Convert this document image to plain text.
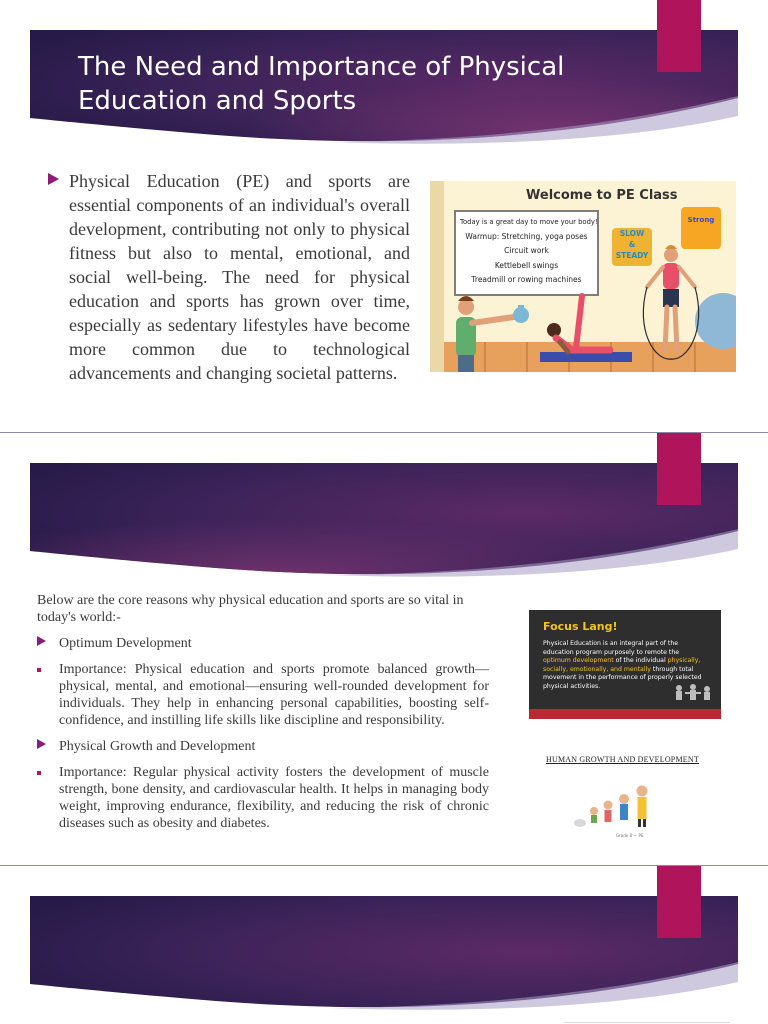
The Need and Importance of Physical Education and Sports

Physical Education (PE) and sports are essential components of an individual's overall development, contributing not only to physical fitness but also to mental, emotional, and social well-being. The need for physical education and sports has grown over time, especially as sedentary lifestyles have become more common due to technological advancements and changing societal patterns.

Welcome to PE Class
Today is a great day to move your body!
Warmup: Stretching, yoga poses
Circuit work
Kettlebell swings
Treadmill or rowing machines
SLOW
&
STEADY
Strong

Below are the core reasons why physical education and sports are so vital in today's world:-

Optimum Development

Importance: Physical education and sports promote balanced growth—physical, mental, and emotional—ensuring well-rounded development for individuals. They help in enhancing personal capabilities, boosting self-confidence, and instilling life skills like discipline and responsibility.

Physical Growth and Development

Importance: Regular physical activity fosters the development of muscle strength, bone density, and cardiovascular health. It helps in managing body weight, improving endurance, flexibility, and reducing the risk of chronic diseases such as obesity and diabetes.

Focus Lang!
Physical Education is an integral part of the education program purposely to remote the optimum development of the individual physically, socially, emotionally, and mentally through total movement in the performance of properly selected physical activities.
HUMAN GROWTH AND DEVELOPMENT
Grade 8 — PE
